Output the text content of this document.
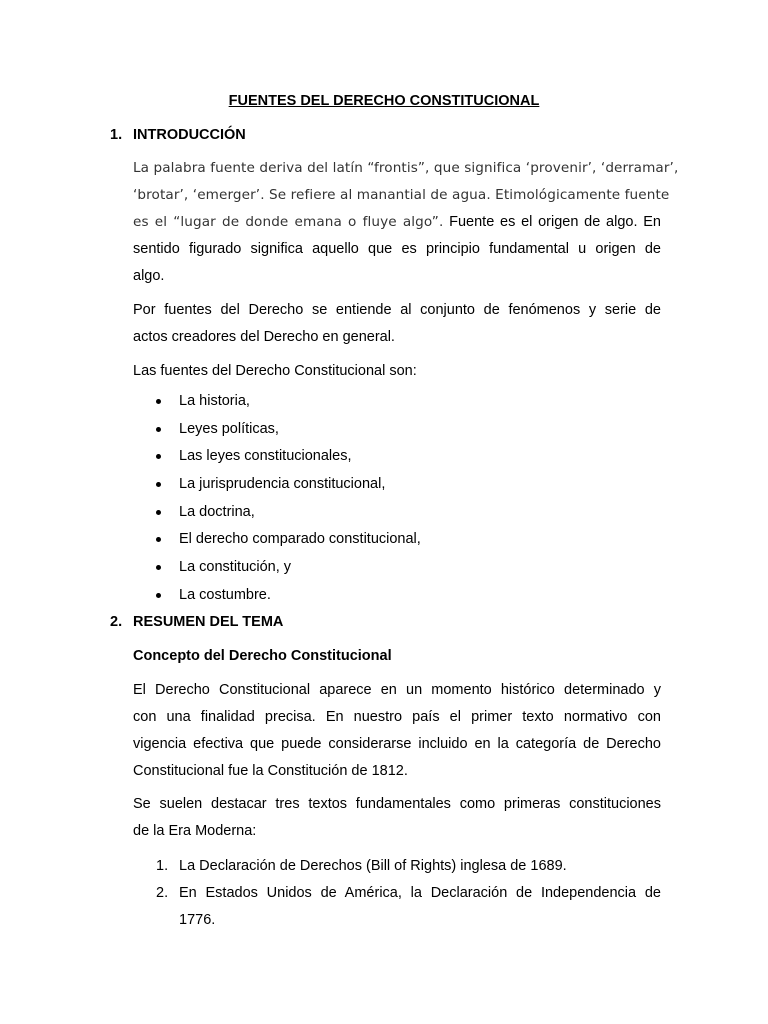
FUENTES DEL DERECHO CONSTITUCIONAL
1. INTRODUCCIÓN
La palabra fuente deriva del latín “frontis”, que significa ‘provenir’, ‘derramar’,
‘brotar’, ‘emerger’. Se refiere al manantial de agua. Etimológicamente fuente
es el “lugar de donde emana o fluye algo”. Fuente es el origen de algo. En
sentido figurado significa aquello que es principio fundamental u origen de
algo.
Por fuentes del Derecho se entiende al conjunto de fenómenos y serie de
actos creadores del Derecho en general.
Las fuentes del Derecho Constitucional son:
La historia,
Leyes políticas,
Las leyes constitucionales,
La jurisprudencia constitucional,
La doctrina,
El derecho comparado constitucional,
La constitución, y
La costumbre.
2. RESUMEN DEL TEMA
Concepto del Derecho Constitucional
El Derecho Constitucional aparece en un momento histórico determinado y
con una finalidad precisa. En nuestro país el primer texto normativo con
vigencia efectiva que puede considerarse incluido en la categoría de Derecho
Constitucional fue la Constitución de 1812.
Se suelen destacar tres textos fundamentales como primeras constituciones
de la Era Moderna:
1. La Declaración de Derechos (Bill of Rights) inglesa de 1689.
2. En Estados Unidos de América, la Declaración de Independencia de
1776.
